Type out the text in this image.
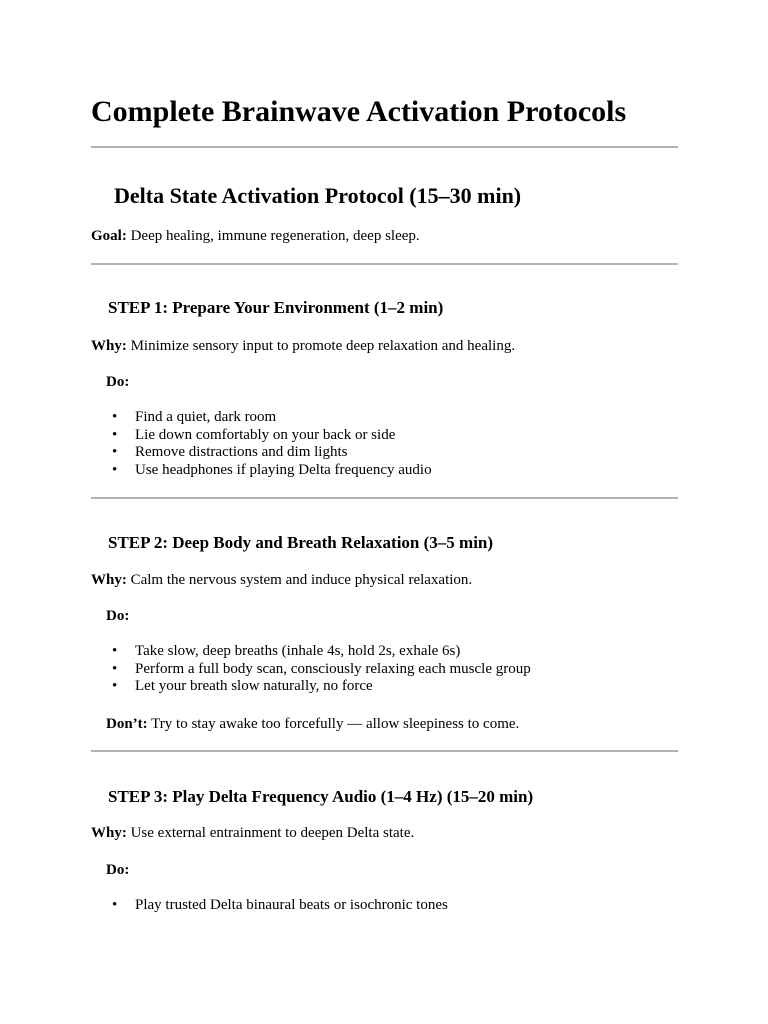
Complete Brainwave Activation Protocols
Delta State Activation Protocol (15–30 min)

Goal: Deep healing, immune regeneration, deep sleep.

STEP 1: Prepare Your Environment (1–2 min)

Why: Minimize sensory input to promote deep relaxation and healing.

Do:

• Find a quiet, dark room
• Lie down comfortably on your back or side
• Remove distractions and dim lights
• Use headphones if playing Delta frequency audio
STEP 2: Deep Body and Breath Relaxation (3–5 min)

Why: Calm the nervous system and induce physical relaxation.

Do:

• Take slow, deep breaths (inhale 4s, hold 2s, exhale 6s)
• Perform a full body scan, consciously relaxing each muscle group
• Let your breath slow naturally, no force

Don’t: Try to stay awake too forcefully — allow sleepiness to come.

STEP 3: Play Delta Frequency Audio (1–4 Hz) (15–20 min)

Why: Use external entrainment to deepen Delta state.

Do:

• Play trusted Delta binaural beats or isochronic tones
